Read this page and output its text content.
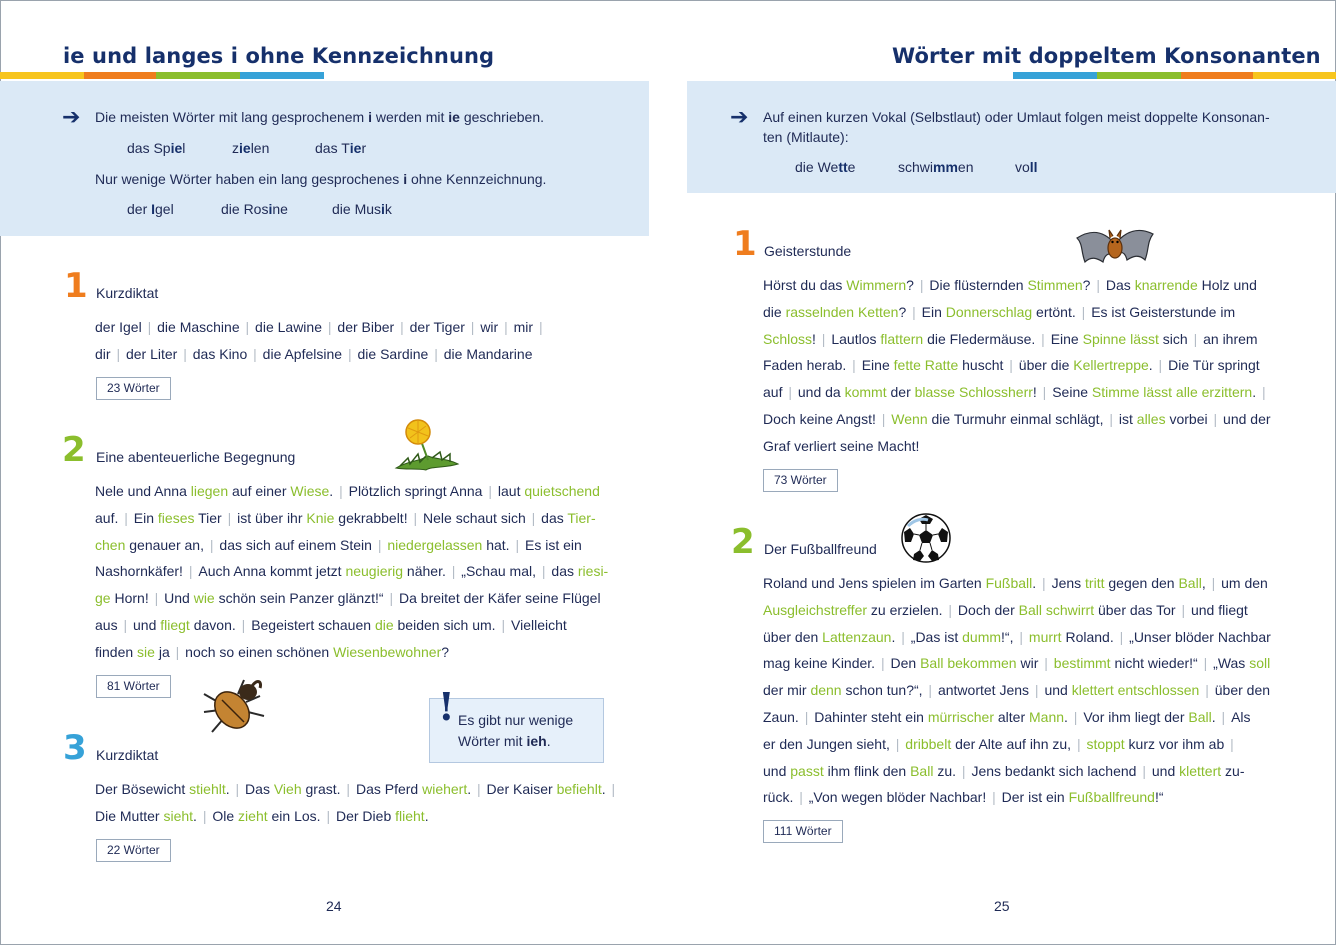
ie und langes i ohne Kennzeichnung
➔ Die meisten Wörter mit lang gesprochenem i werden mit ie geschrieben.
das Spiel	zielen	das Tier
Nur wenige Wörter haben ein lang gesprochenes i ohne Kennzeichnung.
der Igel	die Rosine	die Musik
1 Kurzdiktat
der Igel | die Maschine | die Lawine | der Biber | der Tiger | wir | mir |
dir | der Liter | das Kino | die Apfelsine | die Sardine | die Mandarine
23 Wörter
2 Eine abenteuerliche Begegnung
Nele und Anna liegen auf einer Wiese. | Plötzlich springt Anna | laut quietschend
auf. | Ein fieses Tier | ist über ihr Knie gekrabbelt! | Nele schaut sich | das Tier-
chen genauer an, | das sich auf einem Stein | niedergelassen hat. | Es ist ein
Nashornkäfer! | Auch Anna kommt jetzt neugierig näher. | „Schau mal, | das riesi-
ge Horn! | Und wie schön sein Panzer glänzt!“ | Da breitet der Käfer seine Flügel
aus | und fliegt davon. | Begeistert schauen die beiden sich um. | Vielleicht
finden sie ja | noch so einen schönen Wiesenbewohner?
81 Wörter	! Es gibt nur wenige Wörter mit ieh.
3 Kurzdiktat
Der Bösewicht stiehlt. | Das Vieh grast. | Das Pferd wiehert. | Der Kaiser befiehlt. |
Die Mutter sieht. | Ole zieht ein Los. | Der Dieb flieht.
22 Wörter
24
Wörter mit doppeltem Konsonanten
➔ Auf einen kurzen Vokal (Selbstlaut) oder Umlaut folgen meist doppelte Konsonan-
ten (Mitlaute):
die Wette	schwimmen	voll
1 Geisterstunde
Hörst du das Wimmern? | Die flüsternden Stimmen? | Das knarrende Holz und
die rasselnden Ketten? | Ein Donnerschlag ertönt. | Es ist Geisterstunde im
Schloss! | Lautlos flattern die Fledermäuse. | Eine Spinne lässt sich | an ihrem
Faden herab. | Eine fette Ratte huscht | über die Kellertreppe. | Die Tür springt
auf | und da kommt der blasse Schlossherr! | Seine Stimme lässt alle erzittern. |
Doch keine Angst! | Wenn die Turmuhr einmal schlägt, | ist alles vorbei | und der
Graf verliert seine Macht!
73 Wörter
2 Der Fußballfreund
Roland und Jens spielen im Garten Fußball. | Jens tritt gegen den Ball, | um den
Ausgleichstreffer zu erzielen. | Doch der Ball schwirrt über das Tor | und fliegt
über den Lattenzaun. | „Das ist dumm!“, | murrt Roland. | „Unser blöder Nachbar
mag keine Kinder. | Den Ball bekommen wir | bestimmt nicht wieder!“ | „Was soll
der mir denn schon tun?“, | antwortet Jens | und klettert entschlossen | über den
Zaun. | Dahinter steht ein mürrischer alter Mann. | Vor ihm liegt der Ball. | Als
er den Jungen sieht, | dribbelt der Alte auf ihn zu, | stoppt kurz vor ihm ab |
und passt ihm flink den Ball zu. | Jens bedankt sich lachend | und klettert zu-
rück. | „Von wegen blöder Nachbar! | Der ist ein Fußballfreund!“
111 Wörter
25
